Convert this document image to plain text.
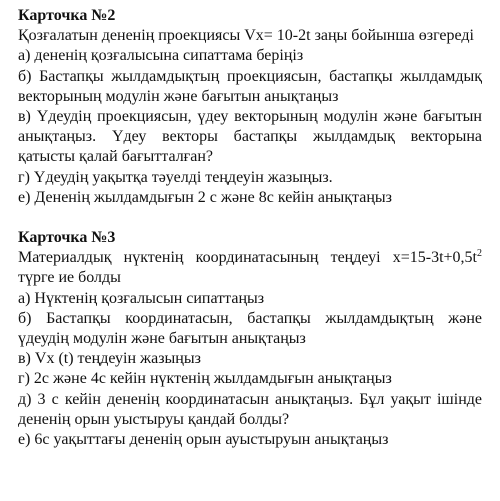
Карточка №2

Қозғалатын дененің проекциясы Vx= 10-2t заңы бойынша өзгереді

а) дененің қозғалысына сипаттама беріңіз

б) Бастапқы жылдамдықтың проекциясын, бастапқы жылдамдық векторының модулін және бағытын анықтаңыз

в) Үдеудің проекциясын, үдеу векторының модулін және бағытын анықтаңыз. Үдеу векторы бастапқы жылдамдық векторына қатысты қалай бағытталған?

г) Үдеудің уақытқа тәуелді теңдеуін жазыңыз.

е) Дененің жылдамдығын 2 с және 8с кейін анықтаңыз

Карточка №3

Материалдық нүктенің координатасының теңдеуі $x=15-3t+0,5t^2$ түрге ие болды

а) Нүктенің қозғалысын сипаттаңыз

б) Бастапқы координатасын, бастапқы жылдамдықтың және үдеудің модулін және бағытын анықтаңыз

в) Vx (t) теңдеуін жазыңыз

г) 2с және 4с кейін нүктенің жылдамдығын анықтаңыз

д) 3 с кейін дененің координатасын анықтаңыз. Бұл уақыт ішінде дененің орын уыстыруы қандай болды?

е) 6с уақыттағы дененің орын ауыстыруын анықтаңыз
